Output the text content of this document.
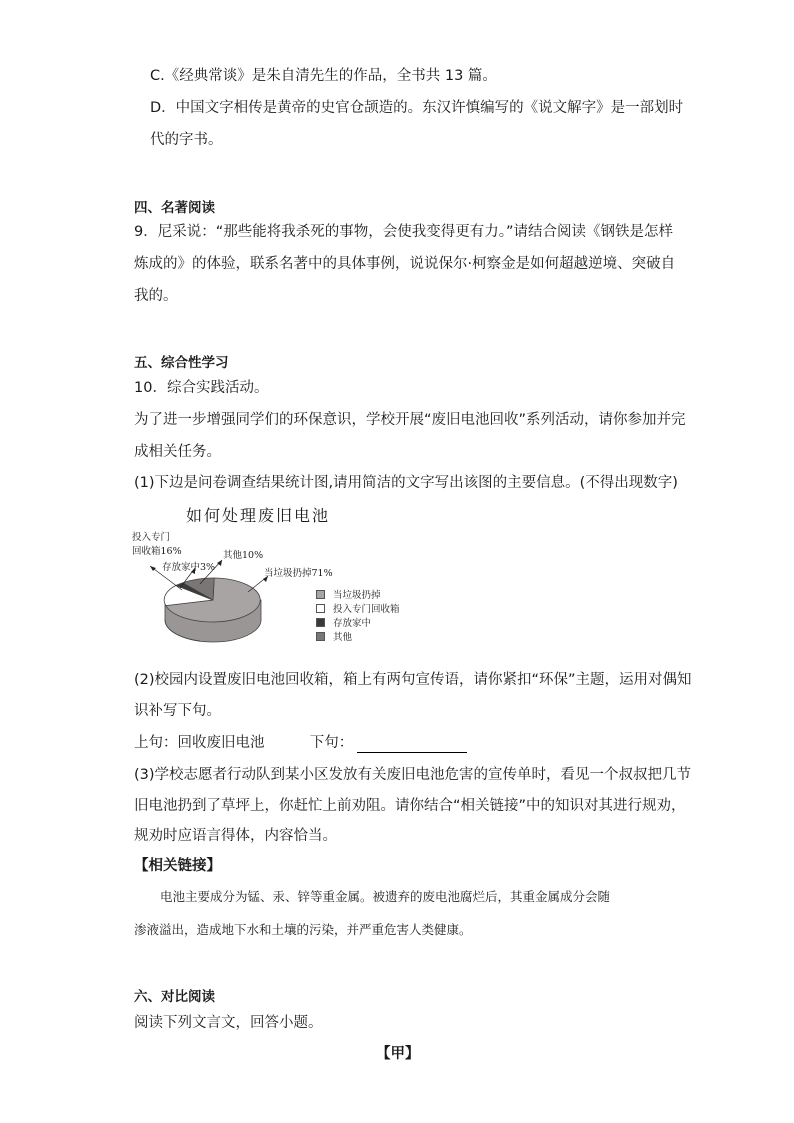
C.《经典常谈》是朱自清先生的作品，全书共 13 篇。
D．中国文字相传是黄帝的史官仓颉造的。东汉许慎编写的《说文解字》是一部划时
代的字书。
四、名著阅读
9．尼采说：“那些能将我杀死的事物，会使我变得更有力。”请结合阅读《钢铁是怎样
炼成的》的体验，联系名著中的具体事例，说说保尔·柯察金是如何超越逆境、突破自
我的。
五、综合性学习
10．综合实践活动。
为了进一步增强同学们的环保意识，学校开展“废旧电池回收”系列活动，请你参加并完
成相关任务。
(1)下边是问卷调查结果统计图,请用简洁的文字写出该图的主要信息。(不得出现数字)
如何处理废旧电池
投入专门
回收箱16%
存放家中3%
其他10%
当垃圾扔掉71%
当垃圾扔掉
投入专门回收箱
存放家中
其他
(2)校园内设置废旧电池回收箱，箱上有两句宣传语，请你紧扣“环保”主题，运用对偶知
识补写下句。
上句：回收废旧电池	下句：
(3)学校志愿者行动队到某小区发放有关废旧电池危害的宣传单时，看见一个叔叔把几节
旧电池扔到了草坪上，你赶忙上前劝阻。请你结合“相关链接”中的知识对其进行规劝，
规劝时应语言得体，内容恰当。
【相关链接】
电池主要成分为锰、汞、锌等重金属。被遗弃的废电池腐烂后，其重金属成分会随
渗液溢出，造成地下水和土壤的污染，并严重危害人类健康。
六、对比阅读
阅读下列文言文，回答小题。
【甲】
